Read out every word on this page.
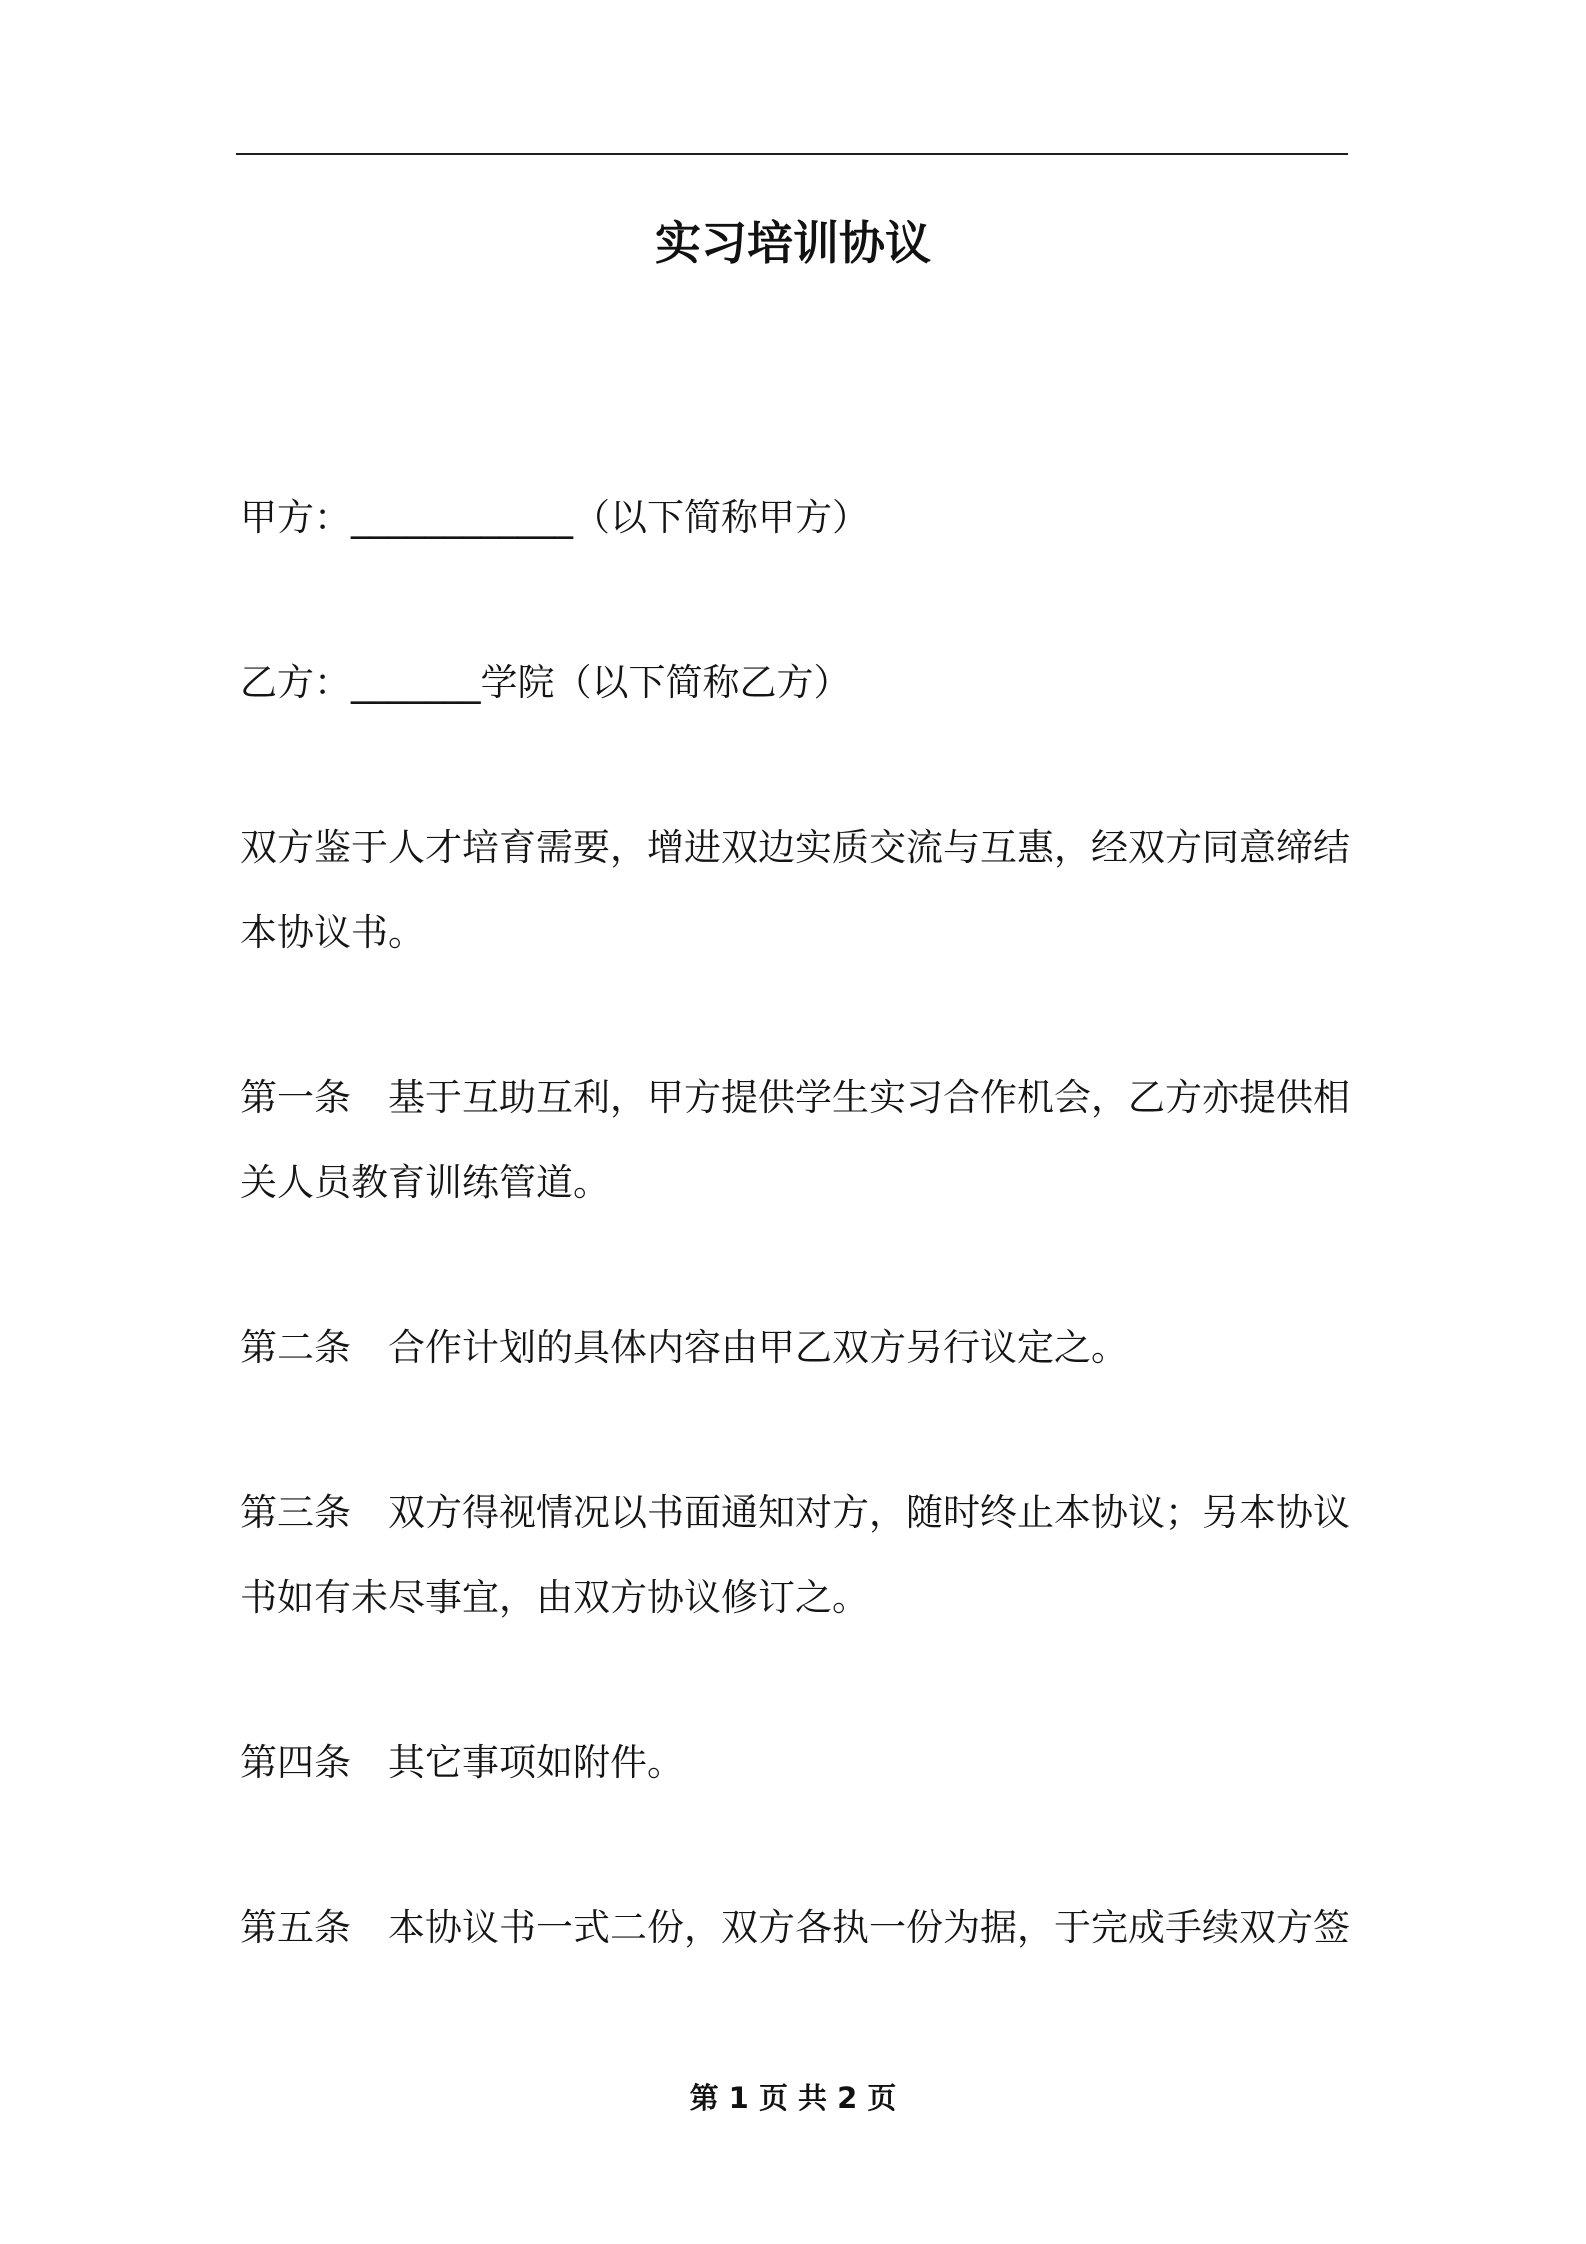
实习培训协议

甲方：____________（以下简称甲方）

乙方：_______学院（以下简称乙方）

双方鉴于人才培育需要，增进双边实质交流与互惠，经双方同意缔结本协议书。

第一条 基于互助互利，甲方提供学生实习合作机会，乙方亦提供相关人员教育训练管道。

第二条 合作计划的具体内容由甲乙双方另行议定之。

第三条 双方得视情况以书面通知对方，随时终止本协议；另本协议书如有未尽事宜，由双方协议修订之。

第四条 其它事项如附件。

第五条 本协议书一式二份，双方各执一份为据，于完成手续双方签

第 1 页 共 2 页
